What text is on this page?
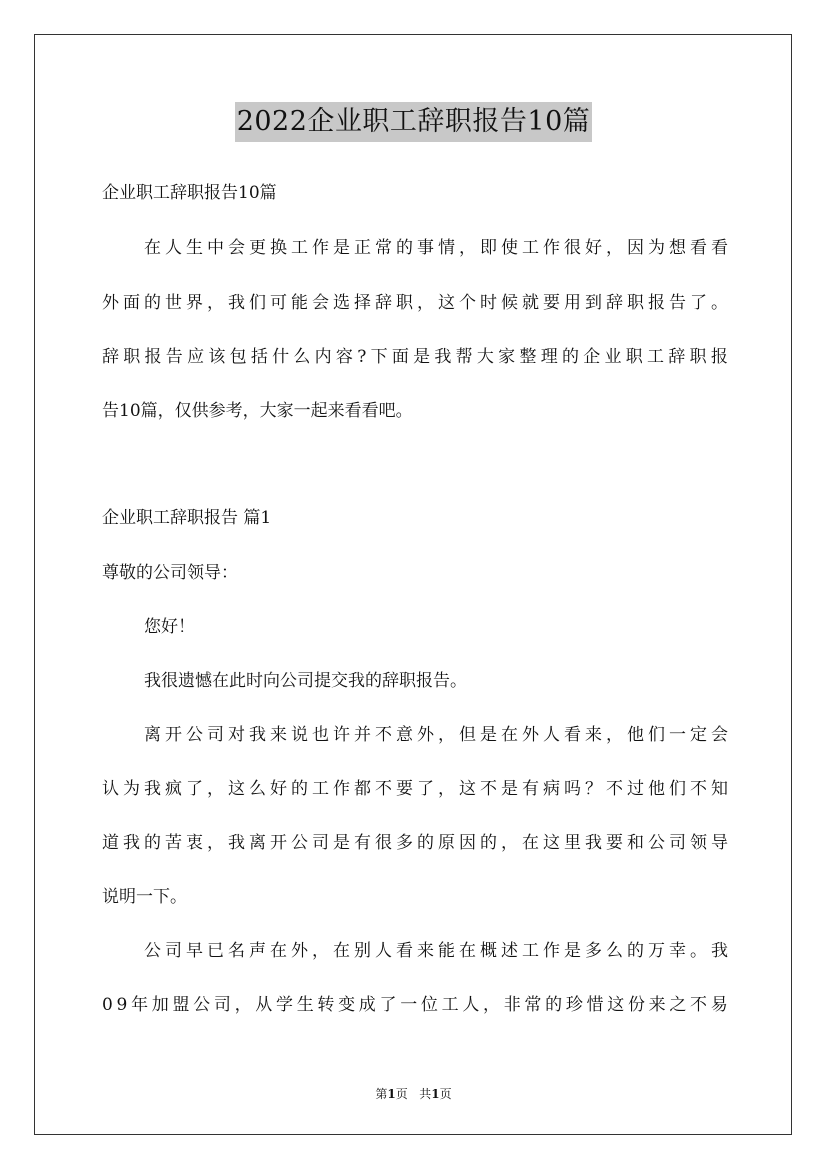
2022企业职工辞职报告10篇
企业职工辞职报告10篇
在 人 生 中 会 更 换 工 作 是 正 常 的 事 情 ， 即 使 工 作 很 好 ， 因 为 想 看 看
外 面 的 世 界 ， 我 们 可 能 会 选 择 辞 职 ， 这 个 时 候 就 要 用 到 辞 职 报 告 了 。
辞 职 报 告 应 该 包 括 什 么 内 容 ? 下 面 是 我 帮 大 家 整 理 的 企 业 职 工 辞 职 报
告10篇，仅供参考，大家一起来看看吧。
企业职工辞职报告 篇1
尊敬的公司领导：
您好！
我很遗憾在此时向公司提交我的辞职报告。
离 开 公 司 对 我 来 说 也 许 并 不 意 外 ， 但 是 在 外 人 看 来 ， 他 们 一 定 会
认 为 我 疯 了 ， 这 么 好 的 工 作 都 不 要 了 ， 这 不 是 有 病 吗 ？ 不 过 他 们 不 知
道 我 的 苦 衷 ， 我 离 开 公 司 是 有 很 多 的 原 因 的 ， 在 这 里 我 要 和 公 司 领 导
说明一下。
公 司 早 已 名 声 在 外 ， 在 别 人 看 来 能 在 概 述 工 作 是 多 么 的 万 幸 。 我
0 9 年 加 盟 公 司 ， 从 学 生 转 变 成 了 一 位 工 人 ， 非 常 的 珍 惜 这 份 来 之 不 易
第1页 共1页
